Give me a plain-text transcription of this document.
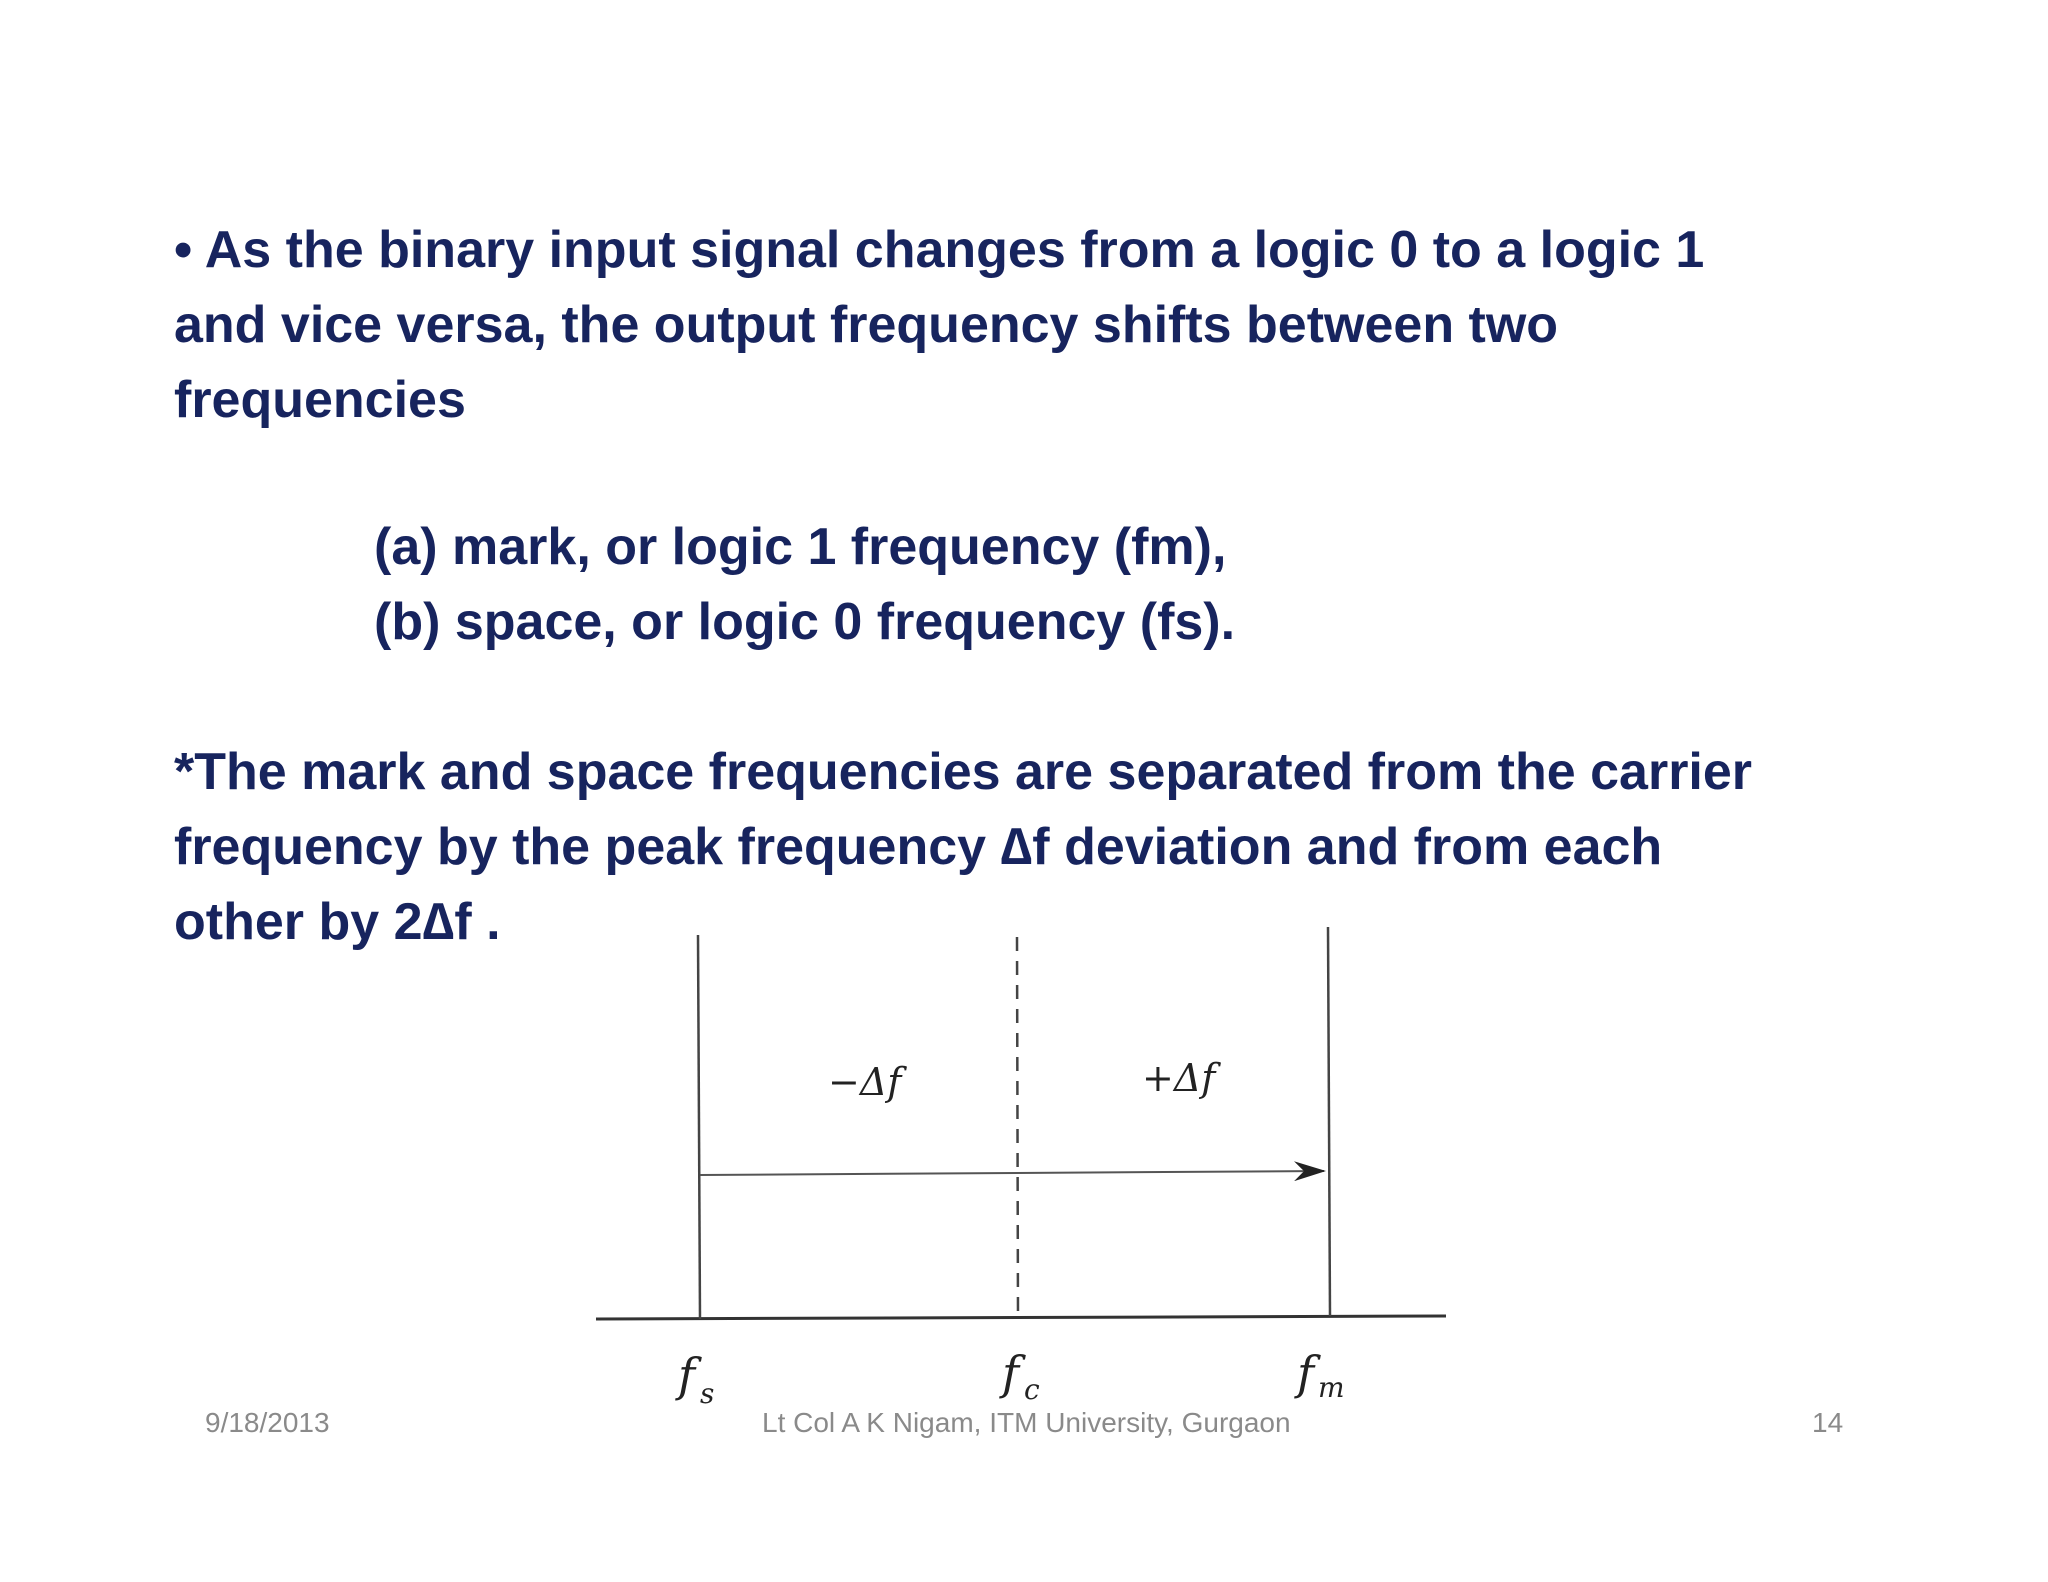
• As the binary input signal changes from a logic 0 to a logic 1
and vice versa, the output frequency shifts between two
frequencies
(a) mark, or logic 1 frequency (fm),
(b) space, or logic 0 frequency (fs).
*The mark and space frequencies are separated from the carrier
frequency by the peak frequency ∆f deviation and from each
other by 2∆f .
−Δf	+Δf
f s	f c	f m
9/18/2013	Lt Col A K Nigam, ITM University, Gurgaon	14
